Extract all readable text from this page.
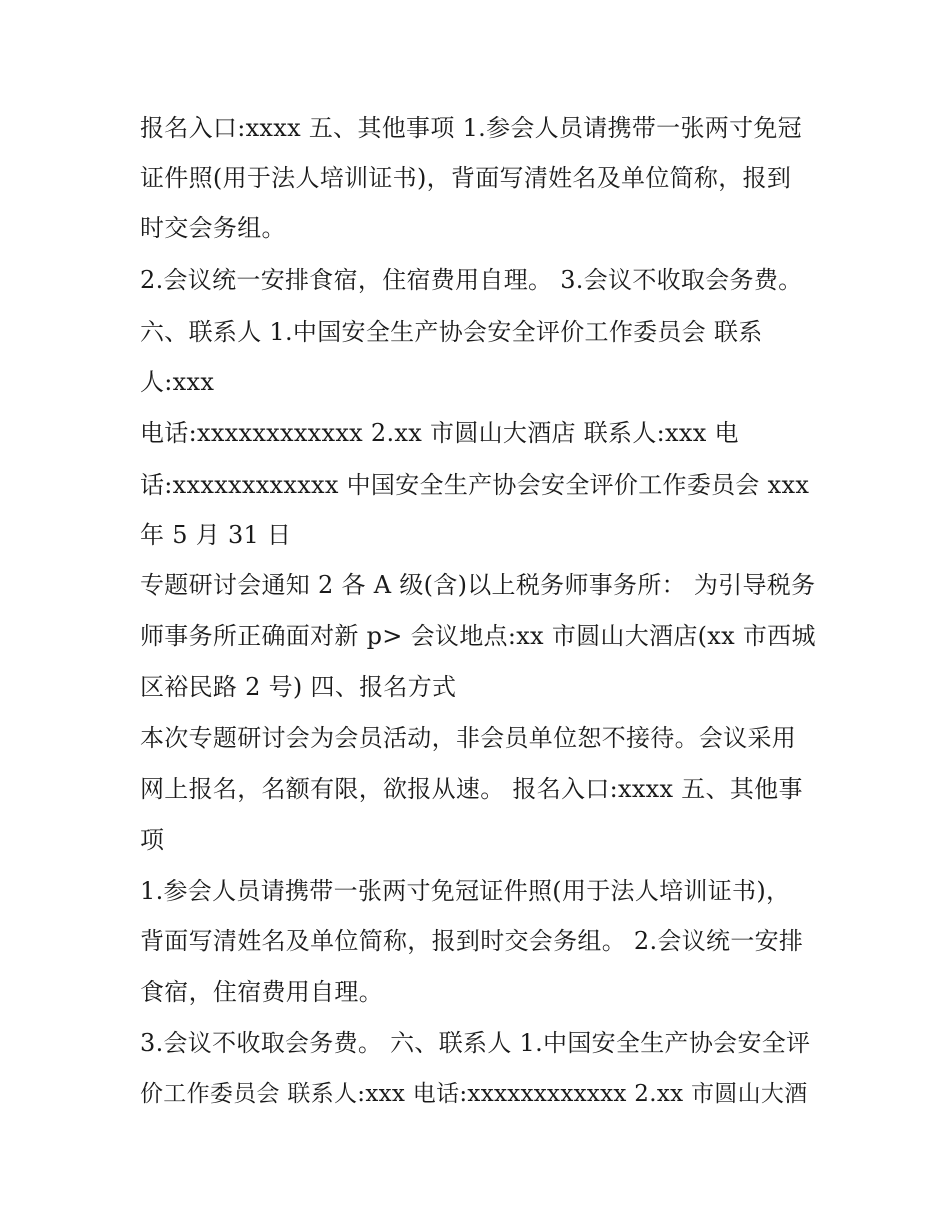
报名入口:xxxx 五、其他事项 1.参会人员请携带一张两寸免冠
证件照(用于法人培训证书)，背面写清姓名及单位简称，报到
时交会务组。
2.会议统一安排食宿，住宿费用自理。 3.会议不收取会务费。
六、联系人 1.中国安全生产协会安全评价工作委员会 联系
人:xxx
电话:xxxxxxxxxxxx 2.xx 市圆山大酒店 联系人:xxx 电
话:xxxxxxxxxxxx 中国安全生产协会安全评价工作委员会 xxx
年 5 月 31 日
专题研讨会通知 2 各 A 级(含)以上税务师事务所： 为引导税务
师事务所正确面对新 p> 会议地点:xx 市圆山大酒店(xx 市西城
区裕民路 2 号) 四、报名方式
本次专题研讨会为会员活动，非会员单位恕不接待。会议采用
网上报名，名额有限，欲报从速。 报名入口:xxxx 五、其他事
项
1.参会人员请携带一张两寸免冠证件照(用于法人培训证书)，
背面写清姓名及单位简称，报到时交会务组。 2.会议统一安排
食宿，住宿费用自理。
3.会议不收取会务费。 六、联系人 1.中国安全生产协会安全评
价工作委员会 联系人:xxx 电话:xxxxxxxxxxxx 2.xx 市圆山大酒
